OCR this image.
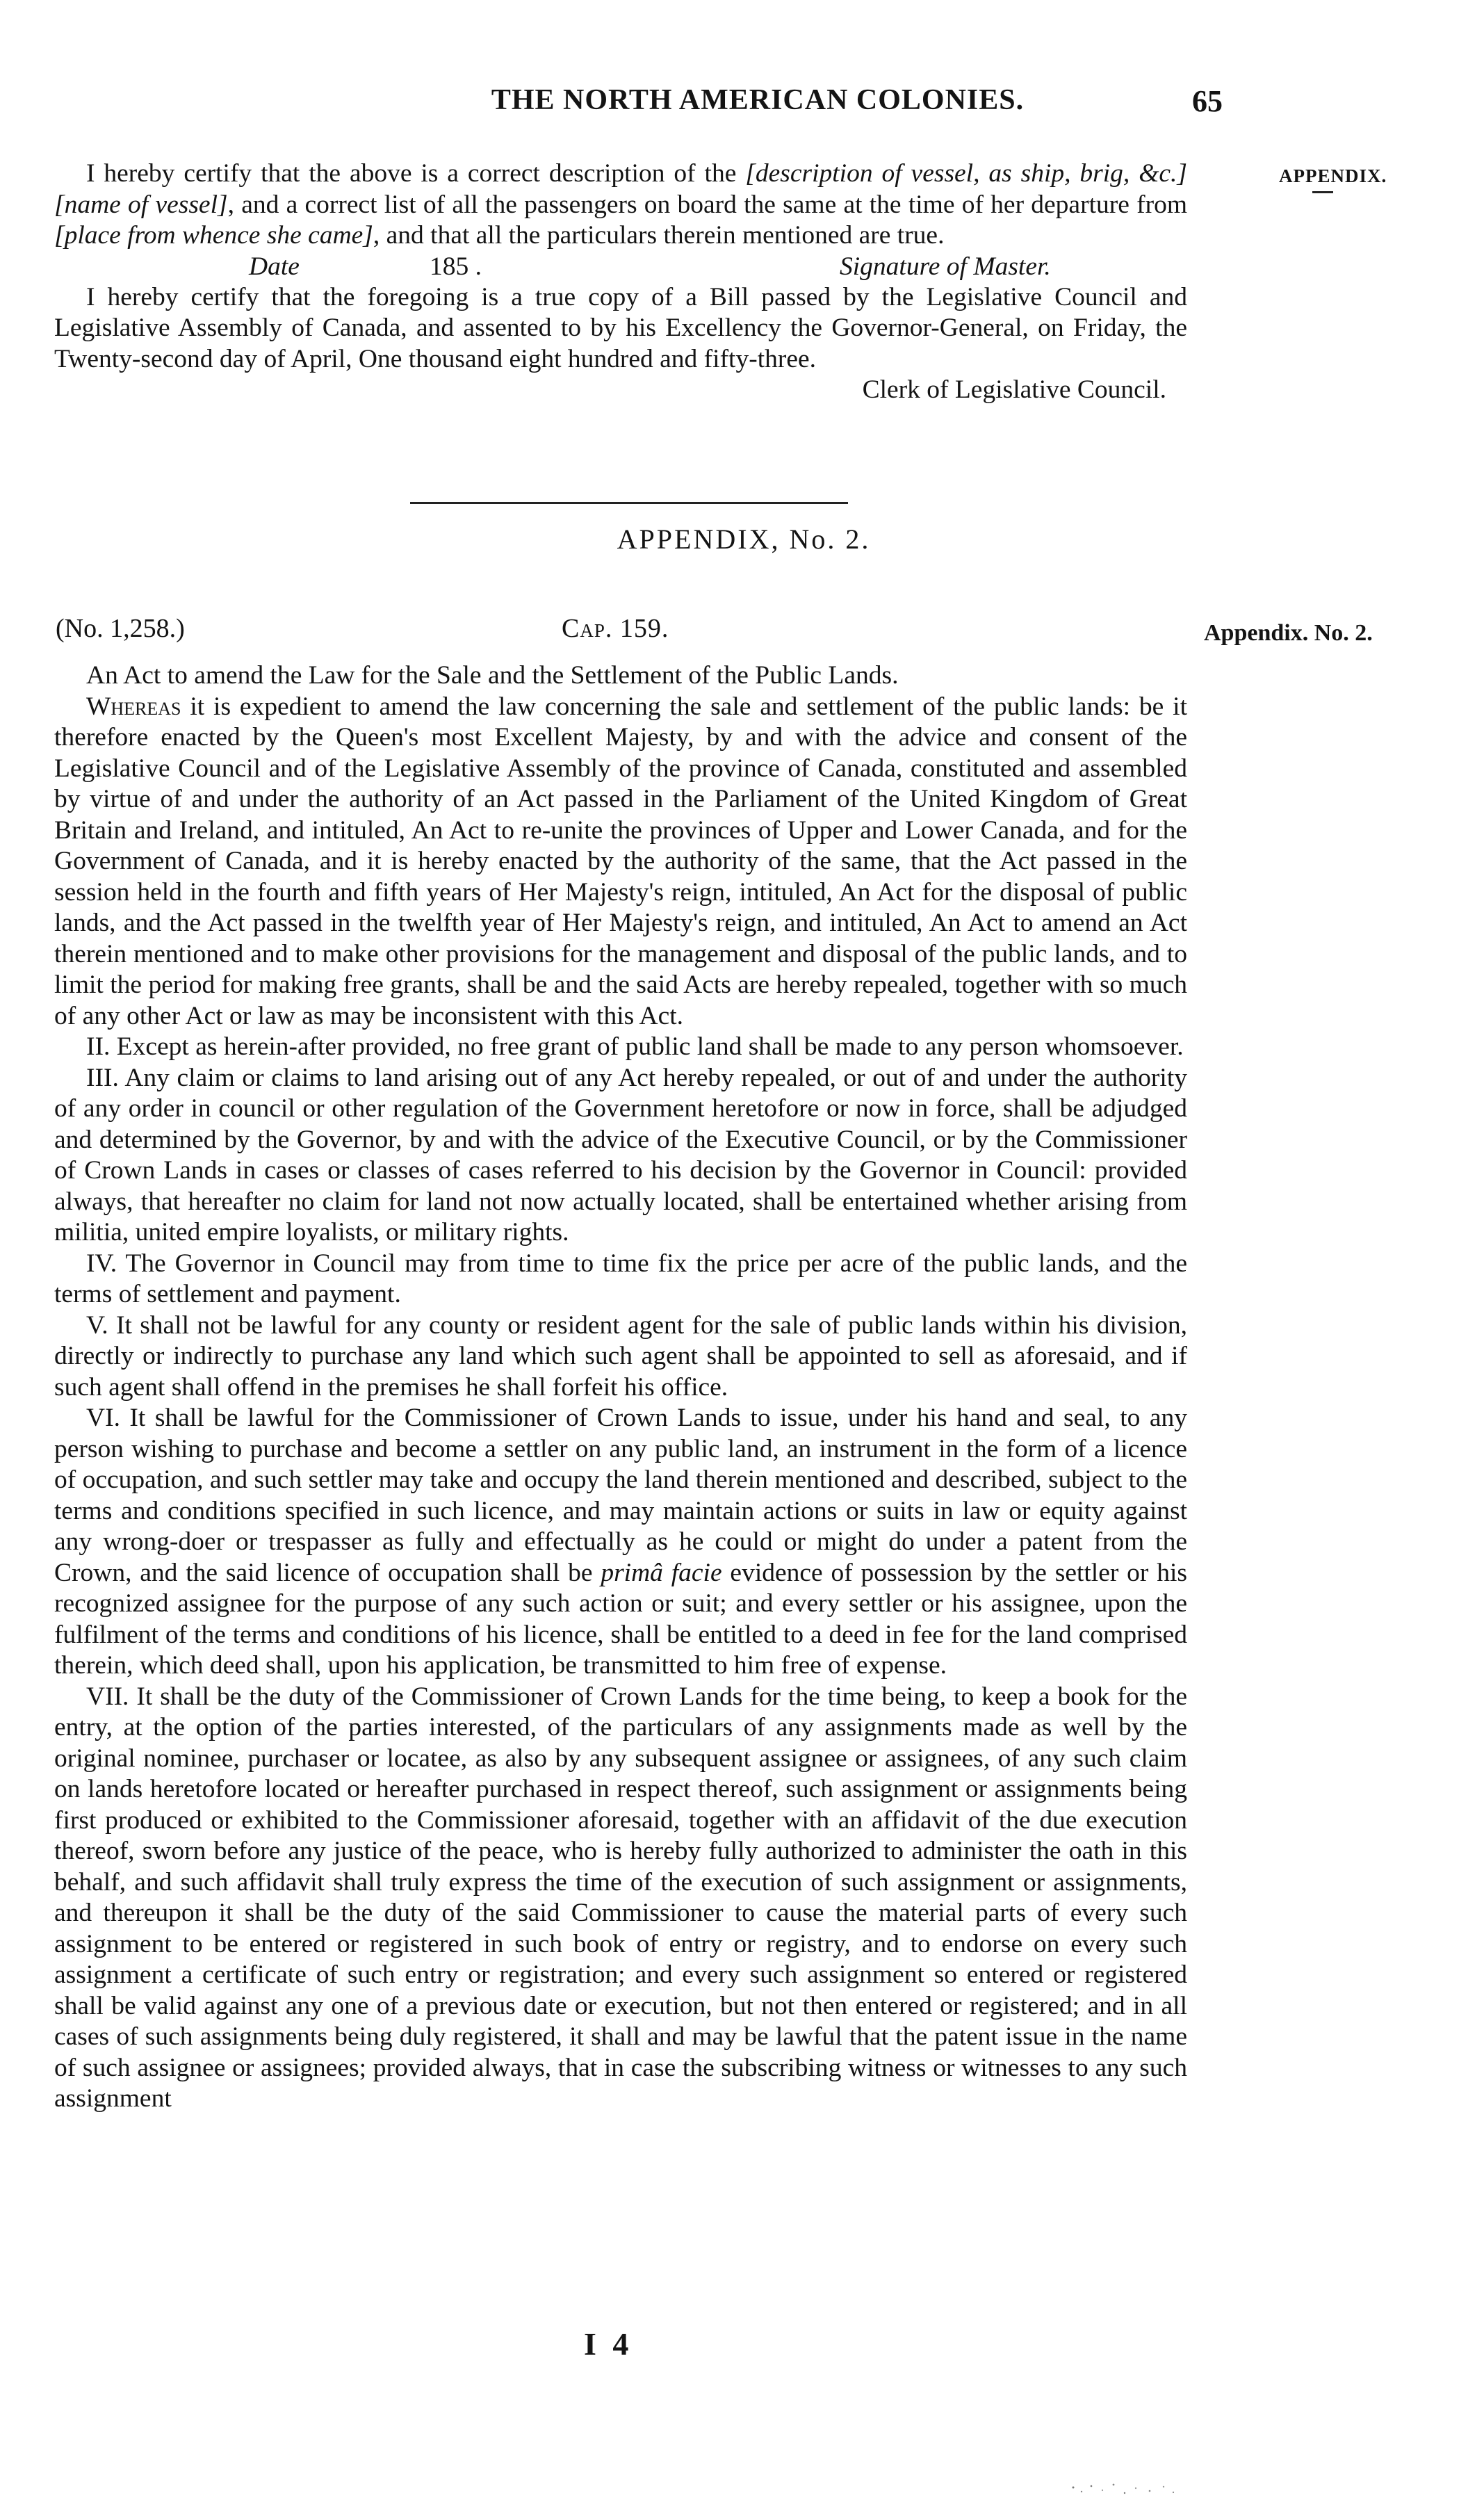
THE NORTH AMERICAN COLONIES.	65
APPENDIX.
Appendix. No. 2.

I hereby certify that the above is a correct description of the [description of vessel, as ship, brig, &c.] [name of vessel], and a correct list of all the passengers on board the same at the time of her departure from [place from whence she came], and that all the particulars therein mentioned are true.

Date	185 .	Signature of Master.

I hereby certify that the foregoing is a true copy of a Bill passed by the Legislative Council and Legislative Assembly of Canada, and assented to by his Excellency the Governor-General, on Friday, the Twenty-second day of April, One thousand eight hundred and fifty-three.

Clerk of Legislative Council.

APPENDIX, No. 2.
(No. 1,258.)	Cap. 159.

An Act to amend the Law for the Sale and the Settlement of the Public Lands.

Whereas it is expedient to amend the law concerning the sale and settlement of the public lands: be it therefore enacted by the Queen's most Excellent Majesty, by and with the advice and consent of the Legislative Council and of the Legislative Assembly of the province of Canada, constituted and assembled by virtue of and under the authority of an Act passed in the Parliament of the United Kingdom of Great Britain and Ireland, and intituled, An Act to re-unite the provinces of Upper and Lower Canada, and for the Government of Canada, and it is hereby enacted by the authority of the same, that the Act passed in the session held in the fourth and fifth years of Her Majesty's reign, intituled, An Act for the disposal of public lands, and the Act passed in the twelfth year of Her Majesty's reign, and intituled, An Act to amend an Act therein mentioned and to make other provisions for the management and disposal of the public lands, and to limit the period for making free grants, shall be and the said Acts are hereby repealed, together with so much of any other Act or law as may be inconsistent with this Act.

II. Except as herein-after provided, no free grant of public land shall be made to any person whomsoever.

III. Any claim or claims to land arising out of any Act hereby repealed, or out of and under the authority of any order in council or other regulation of the Government heretofore or now in force, shall be adjudged and determined by the Governor, by and with the advice of the Executive Council, or by the Commissioner of Crown Lands in cases or classes of cases referred to his decision by the Governor in Council: provided always, that hereafter no claim for land not now actually located, shall be entertained whether arising from militia, united empire loyalists, or military rights.

IV. The Governor in Council may from time to time fix the price per acre of the public lands, and the terms of settlement and payment.

V. It shall not be lawful for any county or resident agent for the sale of public lands within his division, directly or indirectly to purchase any land which such agent shall be appointed to sell as aforesaid, and if such agent shall offend in the premises he shall forfeit his office.

VI. It shall be lawful for the Commissioner of Crown Lands to issue, under his hand and seal, to any person wishing to purchase and become a settler on any public land, an instrument in the form of a licence of occupation, and such settler may take and occupy the land therein mentioned and described, subject to the terms and conditions specified in such licence, and may maintain actions or suits in law or equity against any wrong-doer or trespasser as fully and effectually as he could or might do under a patent from the Crown, and the said licence of occupation shall be primâ facie evidence of possession by the settler or his recognized assignee for the purpose of any such action or suit; and every settler or his assignee, upon the fulfilment of the terms and conditions of his licence, shall be entitled to a deed in fee for the land comprised therein, which deed shall, upon his application, be transmitted to him free of expense.

VII. It shall be the duty of the Commissioner of Crown Lands for the time being, to keep a book for the entry, at the option of the parties interested, of the particulars of any assignments made as well by the original nominee, purchaser or locatee, as also by any subsequent assignee or assignees, of any such claim on lands heretofore located or hereafter purchased in respect thereof, such assignment or assignments being first produced or exhibited to the Commissioner aforesaid, together with an affidavit of the due execution thereof, sworn before any justice of the peace, who is hereby fully authorized to administer the oath in this behalf, and such affidavit shall truly express the time of the execution of such assignment or assignments, and thereupon it shall be the duty of the said Commissioner to cause the material parts of every such assignment to be entered or registered in such book of entry or registry, and to endorse on every such assignment a certificate of such entry or registration; and every such assignment so entered or registered shall be valid against any one of a previous date or execution, but not then entered or registered; and in all cases of such assignments being duly registered, it shall and may be lawful that the patent issue in the name of such assignee or assignees; provided always, that in case the subscribing witness or witnesses to any such assignment

I 4
